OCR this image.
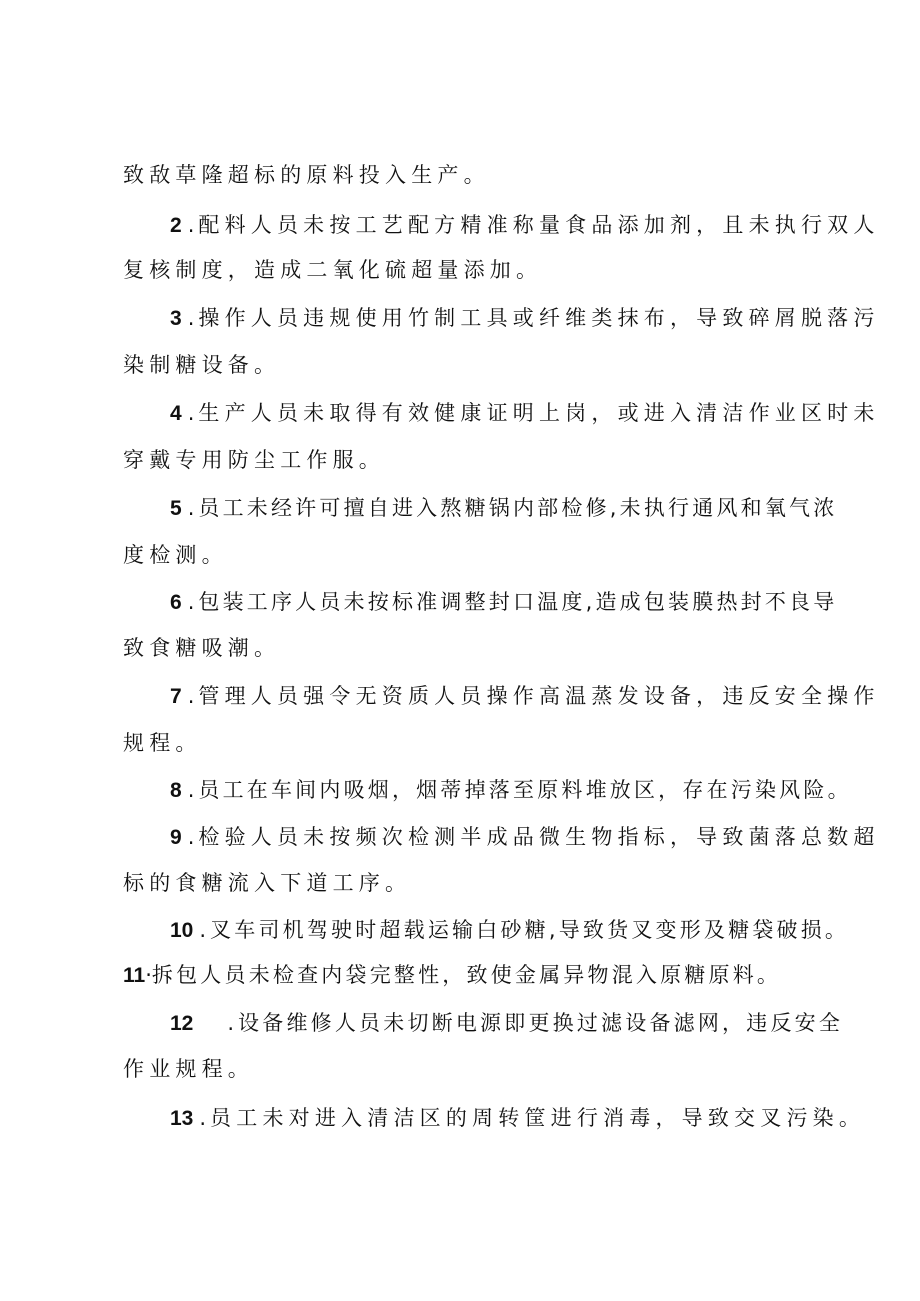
致敌草隆超标的原料投入生产。
2 . 配料人员未按工艺配方精准称量食品添加剂，且未执行双人
复核制度，造成二氧化硫超量添加。
3 . 操作人员违规使用竹制工具或纤维类抹布，导致碎屑脱落污
染制糖设备。
4 . 生产人员未取得有效健康证明上岗，或进入清洁作业区时未
穿戴专用防尘工作服。
5 . 员工未经许可擅自进入熬糖锅内部检修,未执行通风和氧气浓
度检测。
6 . 包装工序人员未按标准调整封口温度,造成包装膜热封不良导
致食糖吸潮。
7 . 管理人员强令无资质人员操作高温蒸发设备，违反安全操作
规程。
8 . 员工在车间内吸烟，烟蒂掉落至原料堆放区，存在污染风险。
9 . 检验人员未按频次检测半成品微生物指标，导致菌落总数超
标的食糖流入下道工序。
10 . 叉车司机驾驶时超载运输白砂糖,导致货叉变形及糖袋破损。
11·拆包人员未检查内袋完整性，致使金属异物混入原糖原料。
12 . 设备维修人员未切断电源即更换过滤设备滤网，违反安全
作业规程。
13 . 员工未对进入清洁区的周转筐进行消毒，导致交叉污染。
